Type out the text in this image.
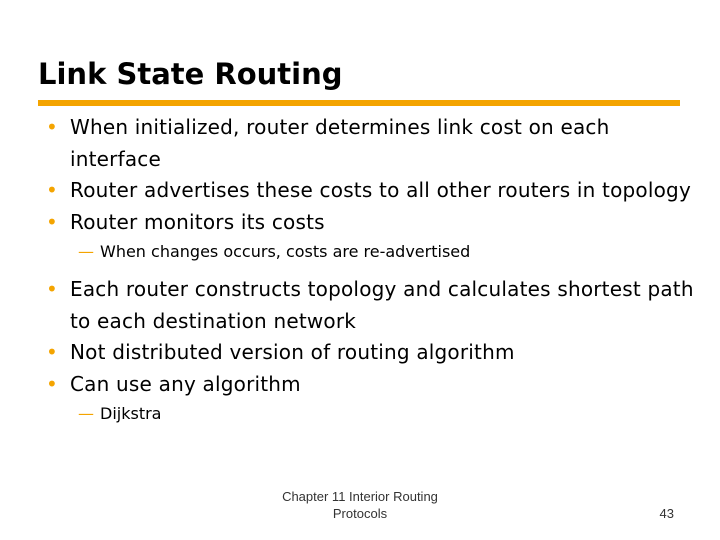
Link State Routing
• When initialized, router determines link cost on each interface
• Router advertises these costs to all other routers in topology
• Router monitors its costs
— When changes occurs, costs are re-advertised
• Each router constructs topology and calculates shortest path to each destination network
• Not distributed version of routing algorithm
• Can use any algorithm
— Dijkstra
Chapter 11 Interior Routing
Protocols	43
